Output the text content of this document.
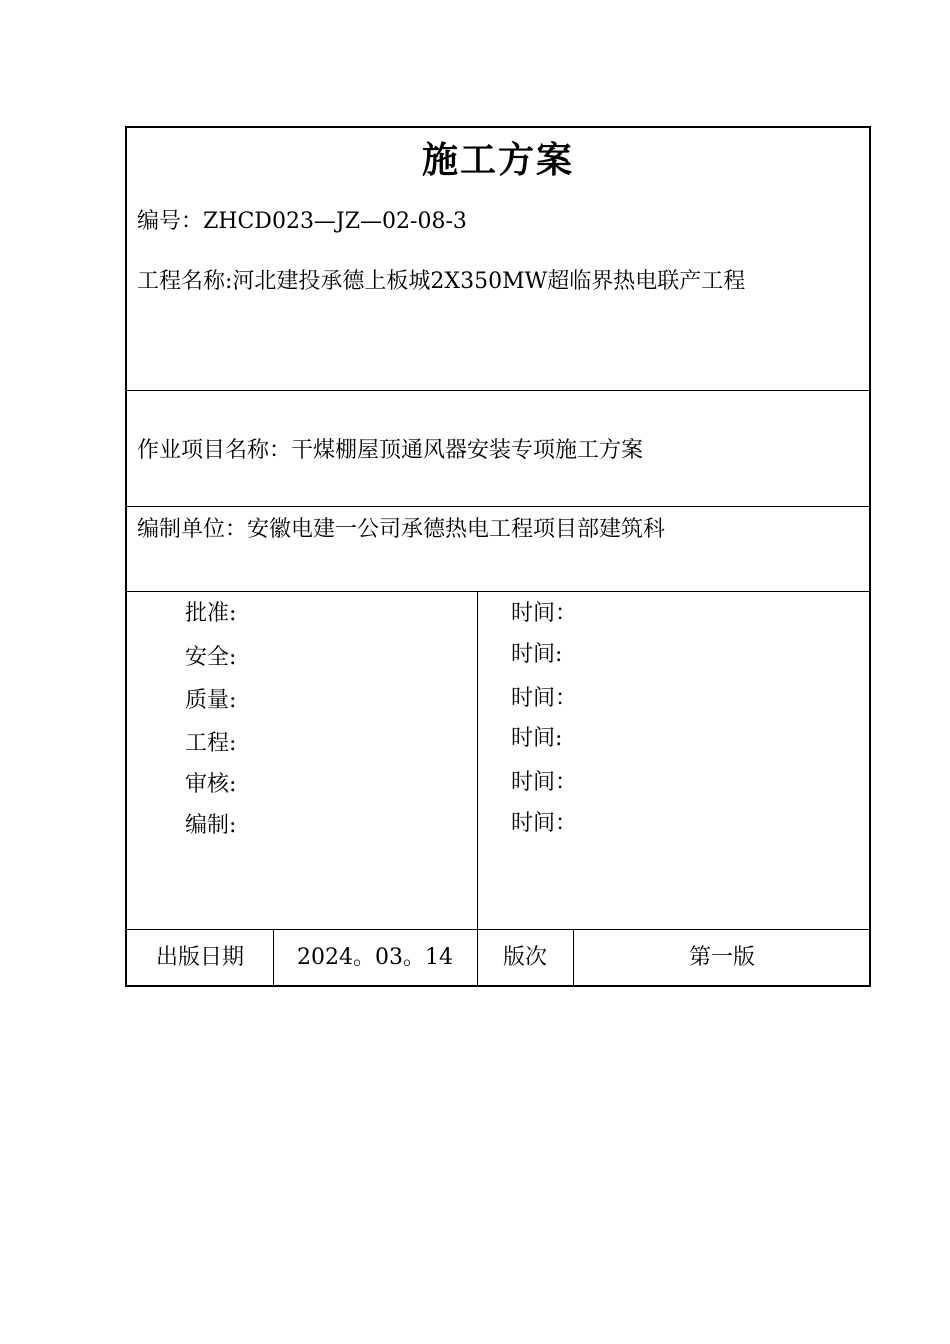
施工方案
编号：ZHCD023—JZ—02-08-3
工程名称:河北建投承德上板城2X350MW超临界热电联产工程
作业项目名称：干煤棚屋顶通风器安装专项施工方案
编制单位：安徽电建一公司承德热电工程项目部建筑科
批准:	时间：
安全:	时间:
质量:	时间：
工程:	时间:
审核:	时间：
编制:	时间：
出版日期	2024。03。14	版次	第一版
